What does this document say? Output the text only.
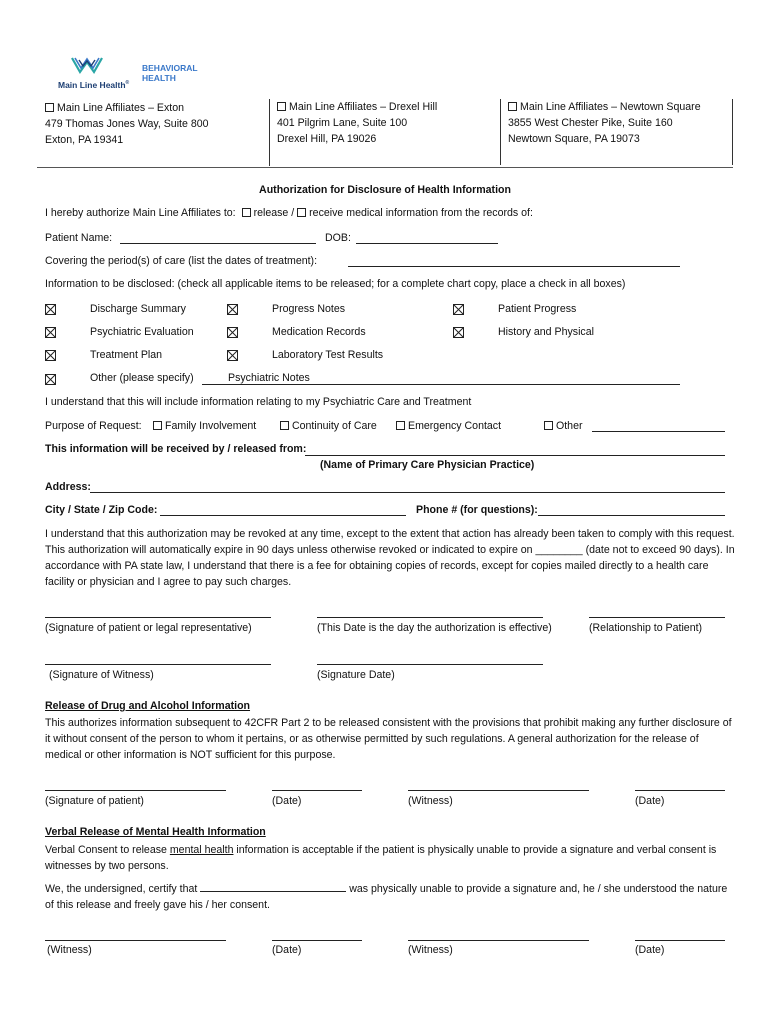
Main Line Health®
BEHAVIORAL
HEALTH
Main Line Affiliates – Exton
479 Thomas Jones Way, Suite 800
Exton, PA 19341
Main Line Affiliates – Drexel Hill
401 Pilgrim Lane, Suite 100
Drexel Hill, PA 19026
Main Line Affiliates – Newtown Square
3855 West Chester Pike, Suite 160
Newtown Square, PA 19073
Authorization for Disclosure of Health Information
I hereby authorize Main Line Affiliates to: release / receive medical information from the records of:
Patient Name:	DOB:
Covering the period(s) of care (list the dates of treatment):
Information to be disclosed: (check all applicable items to be released; for a complete chart copy, place a check in all boxes)
Discharge Summary	Progress Notes	Patient Progress
Psychiatric Evaluation	Medication Records	History and Physical
Treatment Plan	Laboratory Test Results
Other (please specify)	Psychiatric Notes
I understand that this will include information relating to my Psychiatric Care and Treatment
Purpose of Request:	Family Involvement	Continuity of Care	Emergency Contact	Other
This information will be received by / released from:
(Name of Primary Care Physician Practice)
Address:
City / State / Zip Code:	Phone # (for questions):
I understand that this authorization may be revoked at any time, except to the extent that action has already been taken to comply with this request. This authorization will automatically expire in 90 days unless otherwise revoked or indicated to expire on ________ (date not to exceed 90 days). In accordance with PA state law, I understand that there is a fee for obtaining copies of records, except for copies mailed directly to a health care facility or physician and I agree to pay such charges.
(Signature of patient or legal representative)	(This Date is the day the authorization is effective)	(Relationship to Patient)
(Signature of Witness)	(Signature Date)
Release of Drug and Alcohol Information
This authorizes information subsequent to 42CFR Part 2 to be released consistent with the provisions that prohibit making any further disclosure of it without consent of the person to whom it pertains, or as otherwise permitted by such regulations. A general authorization for the release of medical or other information is NOT sufficient for this purpose.
(Signature of patient)	(Date)	(Witness)	(Date)
Verbal Release of Mental Health Information
Verbal Consent to release mental health information is acceptable if the patient is physically unable to provide a signature and verbal consent is witnesses by two persons.
We, the undersigned, certify that	was physically unable to provide a signature and, he / she understood the nature of this release and freely gave his / her consent.
(Witness)	(Date)	(Witness)	(Date)
